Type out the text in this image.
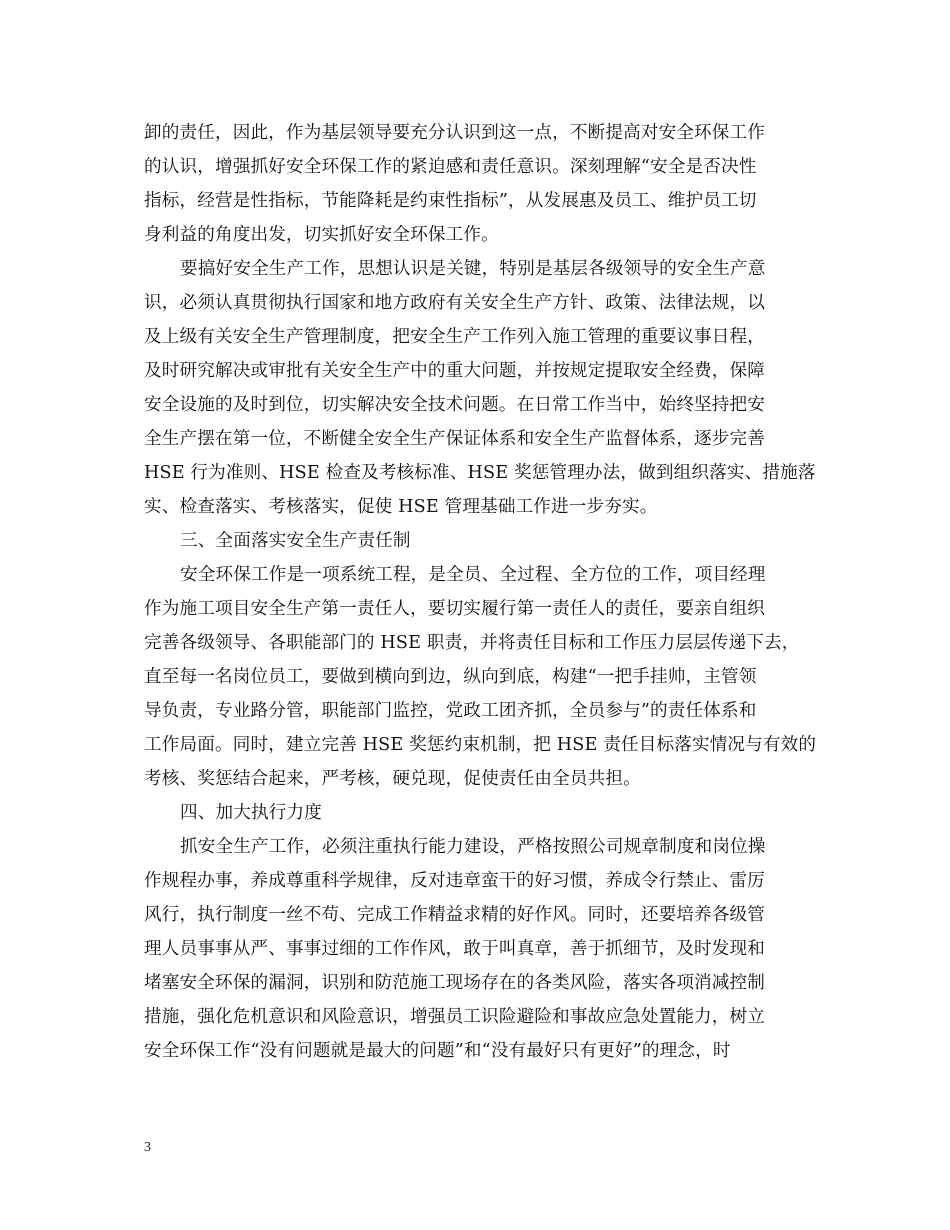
卸的责任，因此，作为基层领导要充分认识到这一点，不断提高对安全环保工作
的认识，增强抓好安全环保工作的紧迫感和责任意识。深刻理解“安全是否决性
指标，经营是性指标，节能降耗是约束性指标”，从发展惠及员工、维护员工切
身利益的角度出发，切实抓好安全环保工作。
要搞好安全生产工作，思想认识是关键，特别是基层各级领导的安全生产意
识，必须认真贯彻执行国家和地方政府有关安全生产方针、政策、法律法规，以
及上级有关安全生产管理制度，把安全生产工作列入施工管理的重要议事日程，
及时研究解决或审批有关安全生产中的重大问题，并按规定提取安全经费，保障
安全设施的及时到位，切实解决安全技术问题。在日常工作当中，始终坚持把安
全生产摆在第一位，不断健全安全生产保证体系和安全生产监督体系，逐步完善
HSE 行为准则、HSE 检查及考核标准、HSE 奖惩管理办法，做到组织落实、措施落
实、检查落实、考核落实，促使 HSE 管理基础工作进一步夯实。
三、全面落实安全生产责任制
安全环保工作是一项系统工程，是全员、全过程、全方位的工作，项目经理
作为施工项目安全生产第一责任人，要切实履行第一责任人的责任，要亲自组织
完善各级领导、各职能部门的 HSE 职责，并将责任目标和工作压力层层传递下去，
直至每一名岗位员工，要做到横向到边，纵向到底，构建“一把手挂帅，主管领
导负责，专业路分管，职能部门监控，党政工团齐抓，全员参与”的责任体系和
工作局面。同时，建立完善 HSE 奖惩约束机制，把 HSE 责任目标落实情况与有效的
考核、奖惩结合起来，严考核，硬兑现，促使责任由全员共担。
四、加大执行力度
抓安全生产工作，必须注重执行能力建设，严格按照公司规章制度和岗位操
作规程办事，养成尊重科学规律，反对违章蛮干的好习惯，养成令行禁止、雷厉
风行，执行制度一丝不苟、完成工作精益求精的好作风。同时，还要培养各级管
理人员事事从严、事事过细的工作作风，敢于叫真章，善于抓细节，及时发现和
堵塞安全环保的漏洞，识别和防范施工现场存在的各类风险，落实各项消减控制
措施，强化危机意识和风险意识，增强员工识险避险和事故应急处置能力，树立
安全环保工作“没有问题就是最大的问题”和“没有最好只有更好”的理念，时
3
